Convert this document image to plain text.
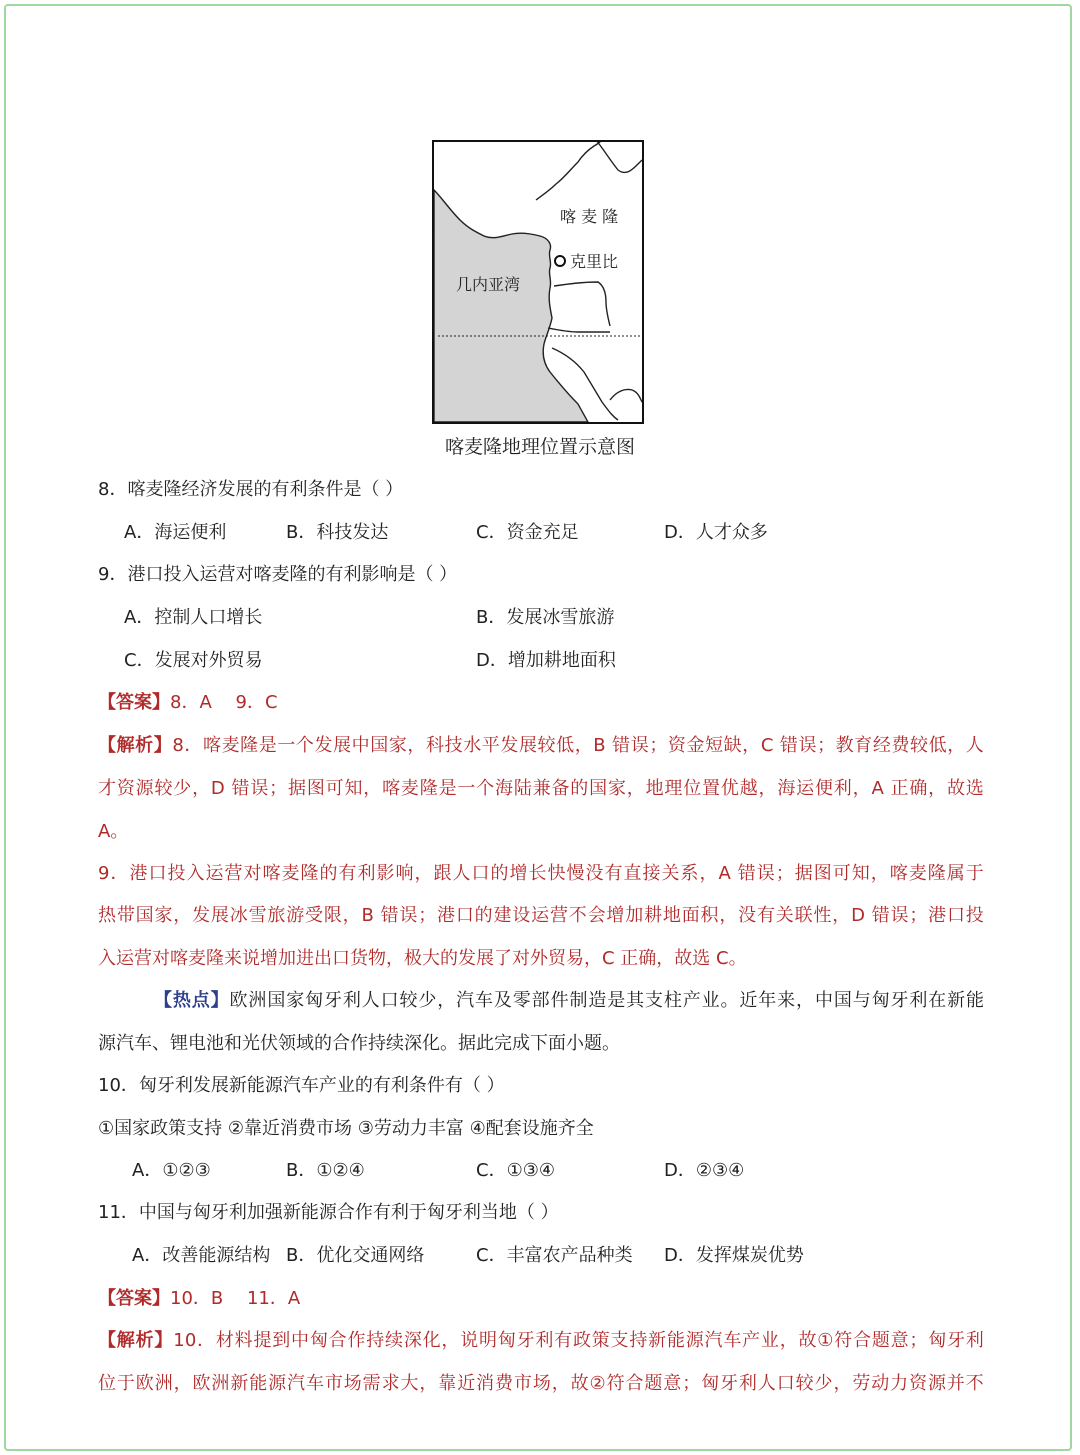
喀 麦 隆
克里比
几内亚湾
喀麦隆地理位置示意图
8．喀麦隆经济发展的有利条件是（ ）
A．海运便利	B．科技发达	C．资金充足	D．人才众多
9．港口投入运营对喀麦隆的有利影响是（ ）
A．控制人口增长	B．发展冰雪旅游
C．发展对外贸易	D．增加耕地面积
【答案】8．A　 9．C
【解析】8．喀麦隆是一个发展中国家，科技水平发展较低，B 错误；资金短缺，C 错误；教育经费较低，人
才资源较少，D 错误；据图可知，喀麦隆是一个海陆兼备的国家，地理位置优越，海运便利，A 正确，故选
A。
9．港口投入运营对喀麦隆的有利影响，跟人口的增长快慢没有直接关系，A 错误；据图可知，喀麦隆属于
热带国家，发展冰雪旅游受限，B 错误；港口的建设运营不会增加耕地面积，没有关联性，D 错误；港口投
入运营对喀麦隆来说增加进出口货物，极大的发展了对外贸易，C 正确，故选 C。
【热点】欧洲国家匈牙利人口较少，汽车及零部件制造是其支柱产业。近年来，中国与匈牙利在新能
源汽车、锂电池和光伏领域的合作持续深化。据此完成下面小题。
10．匈牙利发展新能源汽车产业的有利条件有（ ）
①国家政策支持 ②靠近消费市场 ③劳动力丰富 ④配套设施齐全
A．①②③	B．①②④	C．①③④	D．②③④
11．中国与匈牙利加强新能源合作有利于匈牙利当地（ ）
A．改善能源结构 B．优化交通网络	C．丰富农产品种类 D．发挥煤炭优势
【答案】10．B　 11．A
【解析】10．材料提到中匈合作持续深化，说明匈牙利有政策支持新能源汽车产业，故①符合题意；匈牙利
位于欧洲，欧洲新能源汽车市场需求大，靠近消费市场，故②符合题意；匈牙利人口较少，劳动力资源并不
